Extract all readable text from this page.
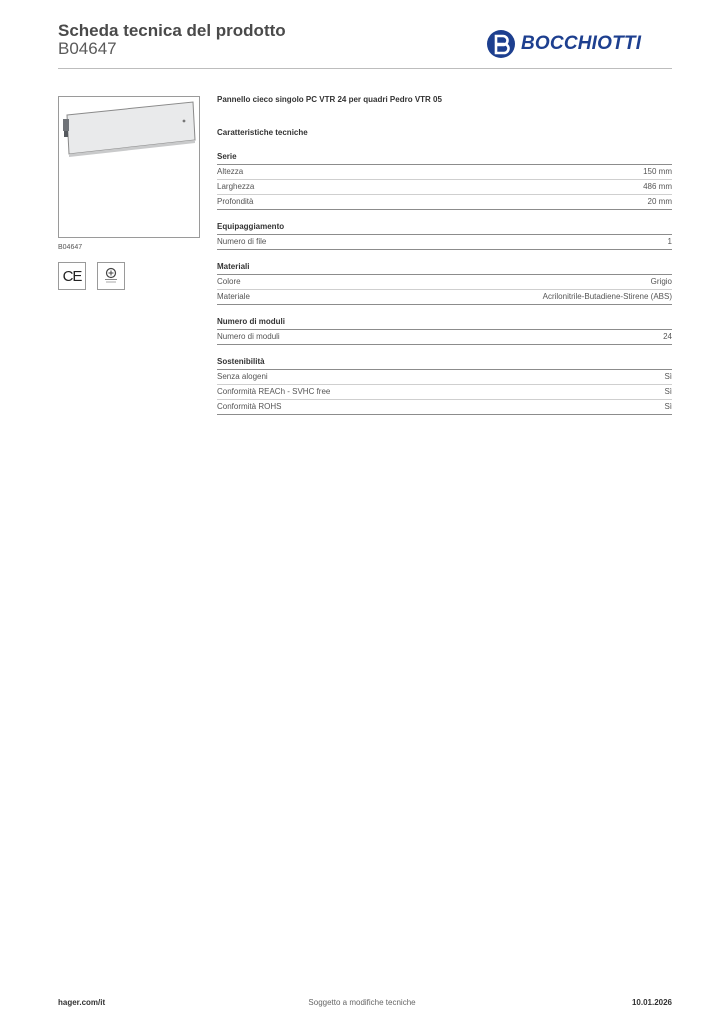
Scheda tecnica del prodotto
B04647	BOCCHIOTTI
B04647
CE
Pannello cieco singolo PC VTR 24 per quadri Pedro VTR 05
Caratteristiche tecniche
Serie
Altezza	150 mm
Larghezza	486 mm
Profondità	20 mm
Equipaggiamento
Numero di file	1
Materiali
Colore	Grigio
Materiale	Acrilonitrile-Butadiene-Stirene (ABS)
Numero di moduli
Numero di moduli	24
Sostenibilità
Senza alogeni	Sì
Conformità REACh - SVHC free	Sì
Conformità ROHS	Sì
hager.com/it	Soggetto a modifiche tecniche	10.01.2026
